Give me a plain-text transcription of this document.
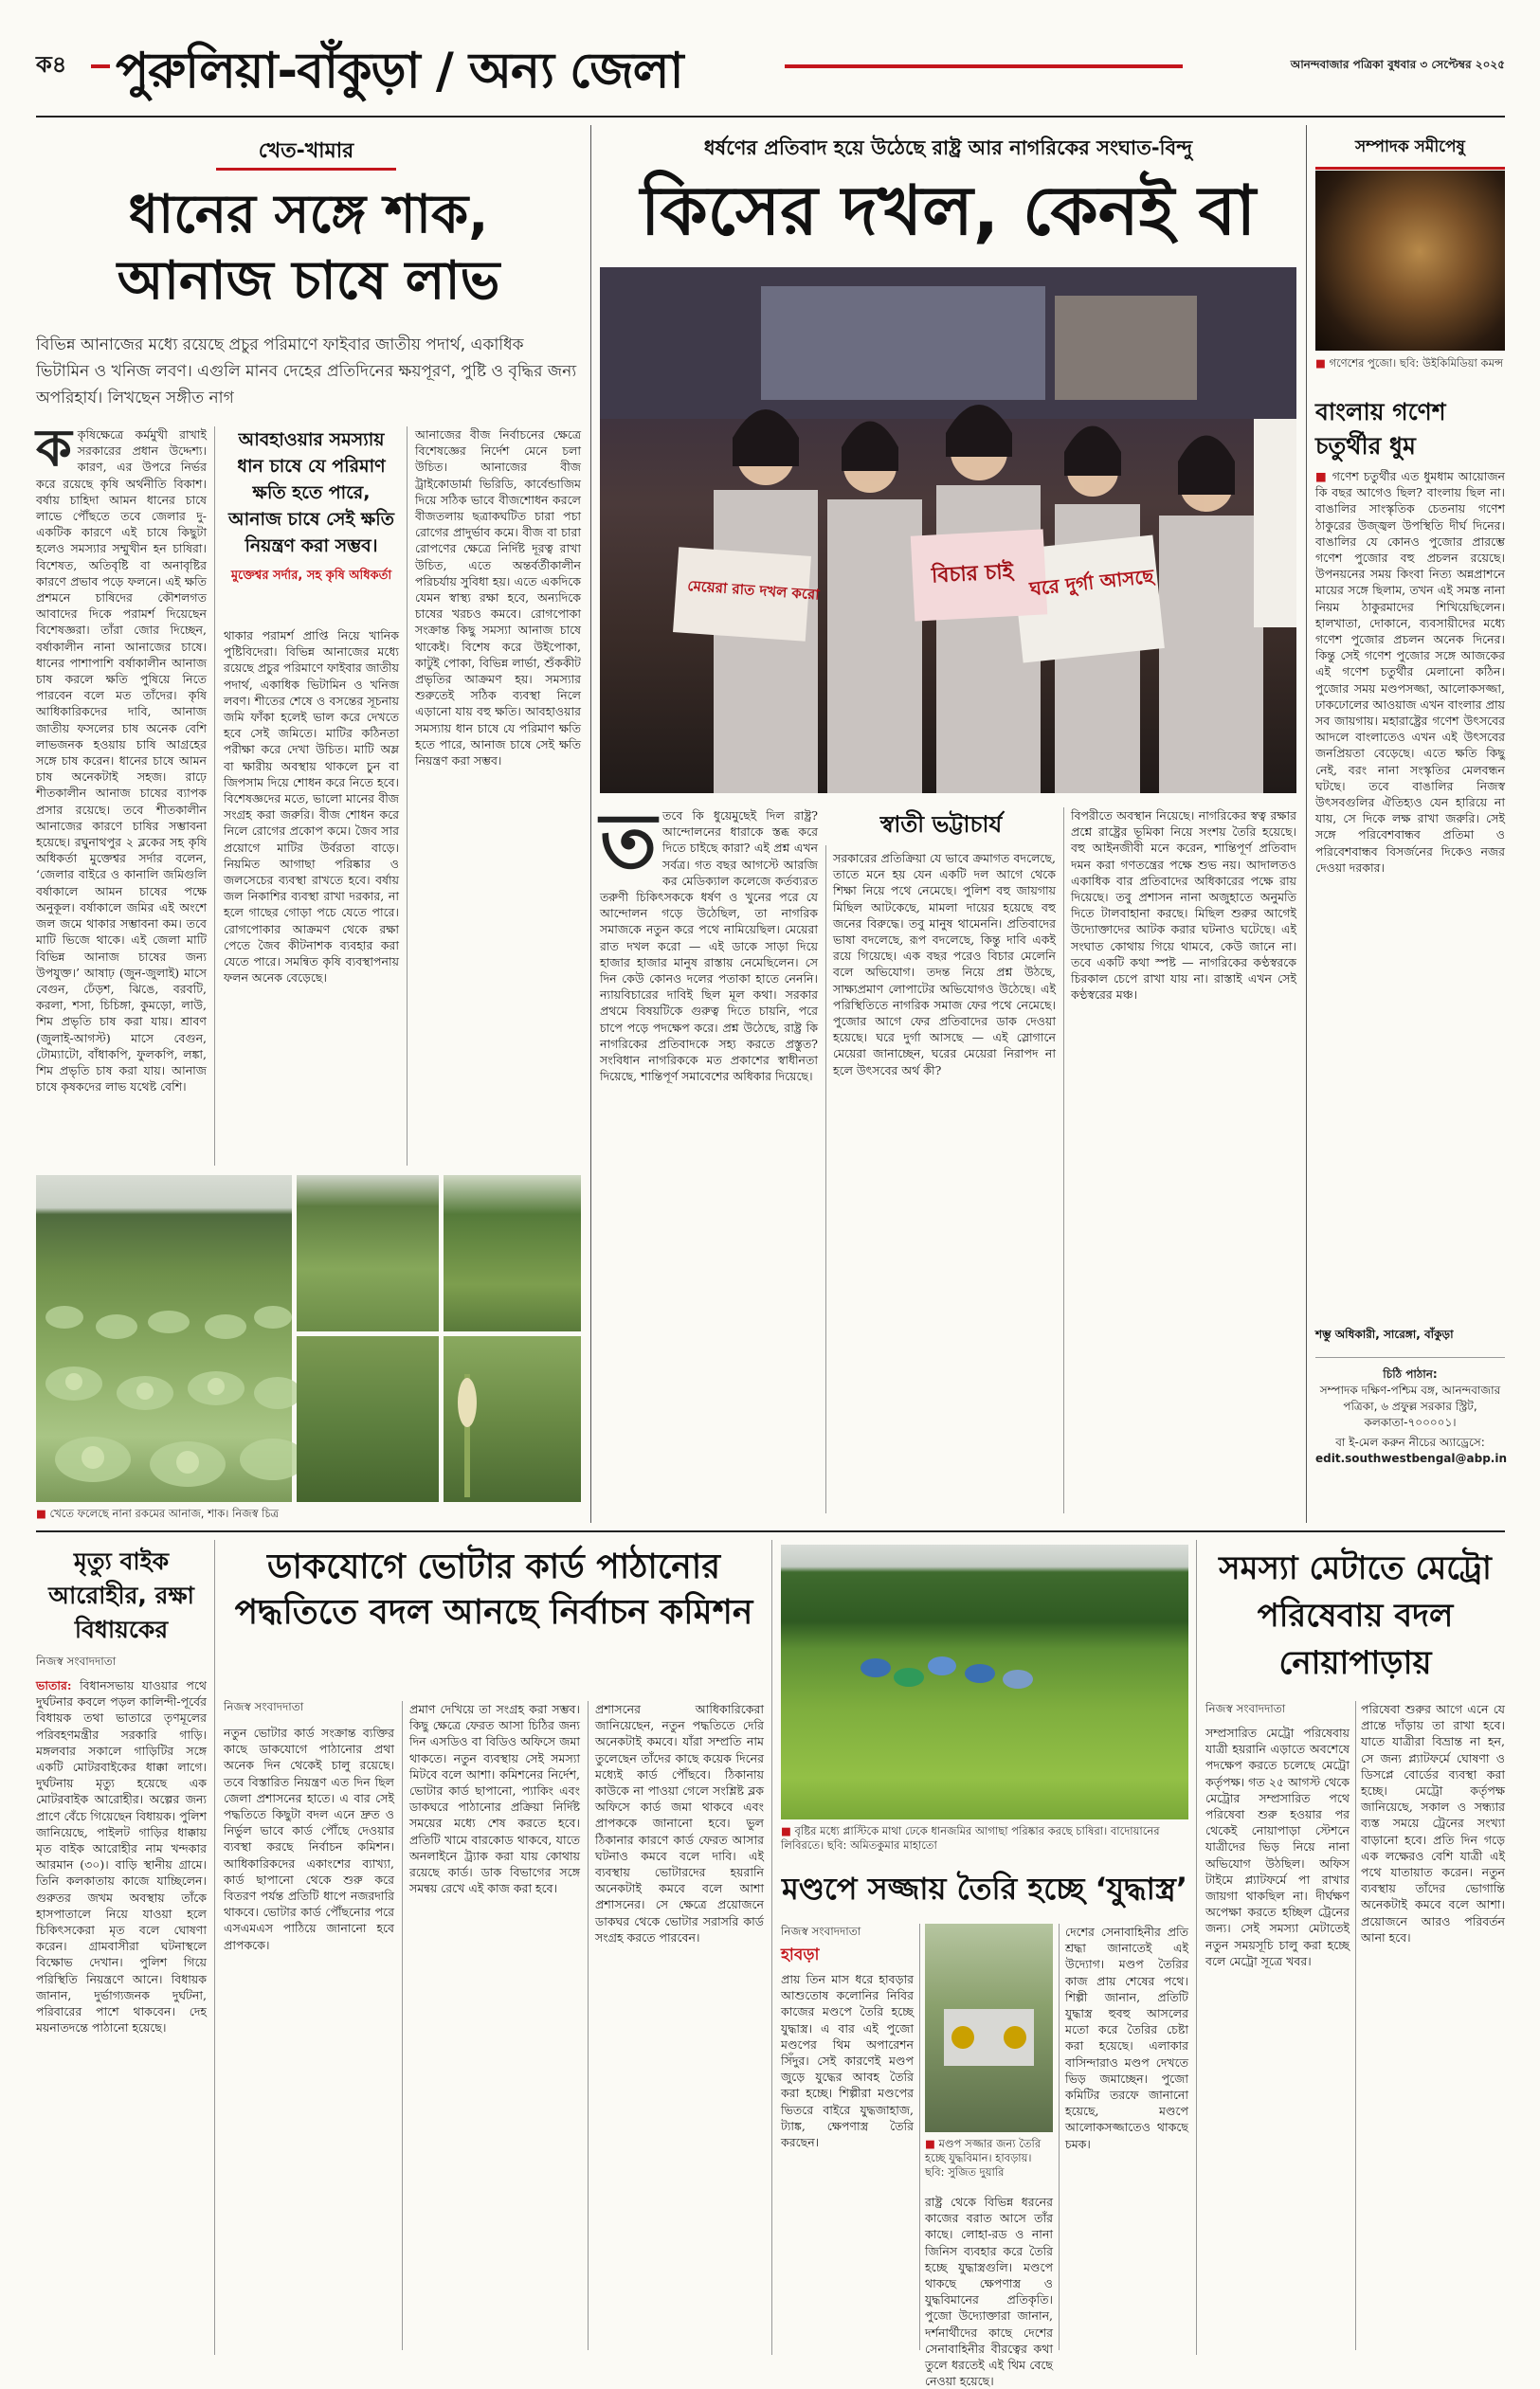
ক৪ পুরুলিয়া-বাঁকুড়া / অন্য জেলা	আনন্দবাজার পত্রিকা বুধবার ৩ সেপ্টেম্বর ২০২৫
খেত-খামার
ধানের সঙ্গে শাক,
আনাজ চাষে লাভ
বিভিন্ন আনাজের মধ্যে রয়েছে প্রচুর পরিমাণে ফাইবার জাতীয় পদার্থ, একাধিক ভিটামিন ও খনিজ লবণ। এগুলি মানব দেহের প্রতিদিনের ক্ষয়পূরণ, পুষ্টি ও বৃদ্ধির জন্য অপরিহার্য। লিখছেন সঙ্গীত নাগ
ককৃষিক্ষেত্রে কর্মমুখী রাখাই সরকারের প্রধান উদ্দেশ্য। কারণ, এর উপরে নির্ভর করে রয়েছে কৃষি অর্থনীতি বিকাশ। বর্ষায় চাহিদা আমন ধানের চাষে লাভে পৌঁছতে তবে জেলার দু-একটিক কারণে এই চাষে কিছুটা হলেও সমস্যার সম্মুখীন হন চাষিরা। বিশেষত, অতিবৃষ্টি বা অনাবৃষ্টির কারণে প্রভাব পড়ে ফলনে। এই ক্ষতি প্রশমনে চাষিদের কৌশলগত আবাদের দিকে পরামর্শ দিয়েছেন বিশেষজ্ঞরা। তাঁরা জোর দিচ্ছেন, বর্ষাকালীন নানা আনাজের চাষে। ধানের পাশাপাশি বর্ষাকালীন আনাজ চাষ করলে ক্ষতি পুষিয়ে নিতে পারবেন বলে মত তাঁদের। কৃষি আধিকারিকদের দাবি, আনাজ জাতীয় ফসলের চাষ অনেক বেশি লাভজনক হওয়ায় চাষি আগ্রহের সঙ্গে চাষ করেন। ধানের চাষে আমন চাষ অনেকটাই সহজ। রাঢ়ে শীতকালীন আনাজ চাষের ব্যাপক প্রসার রয়েছে। তবে শীতকালীন আনাজের কারণে চাষির সম্ভাবনা হয়েছে। রঘুনাথপুর ২ ব্লকের সহ কৃষি অধিকর্তা মুক্তেশ্বর সর্দার বলেন, ‘জেলার বাইরে ও কানালি জমিগুলি বর্ষাকালে আমন চাষের পক্ষে অনুকূল। বর্ষাকালে জমির এই অংশে জল জমে থাকার সম্ভাবনা কম। তবে মাটি ভিজে থাকে। এই জেলা মাটি বিভিন্ন আনাজ চাষের জন্য উপযুক্ত।’ আষাঢ় (জুন-জুলাই) মাসে বেগুন, ঢেঁড়শ, ঝিঙে, বরবটি, করলা, শসা, চিচিঙ্গা, কুমড়ো, লাউ, শিম প্রভৃতি চাষ করা যায়। শ্রাবণ (জুলাই-আগস্ট) মাসে বেগুন, টোম্যাটো, বাঁধাকপি, ফুলকপি, লঙ্কা, শিম প্রভৃতি চাষ করা যায়। আনাজ চাষে কৃষকদের লাভ যথেষ্ট বেশি।
আবহাওয়ার সমস্যায় ধান চাষে যে পরিমাণ ক্ষতি হতে পারে, আনাজ চাষে সেই ক্ষতি নিয়ন্ত্রণ করা সম্ভব।
মুক্তেশ্বর সর্দার, সহ কৃষি অধিকর্তা
থাকার পরামর্শ প্রাপ্তি নিয়ে খানিক পুষ্টিবিদেরা। বিভিন্ন আনাজের মধ্যে রয়েছে প্রচুর পরিমাণে ফাইবার জাতীয় পদার্থ, একাধিক ভিটামিন ও খনিজ লবণ। শীতের শেষে ও বসন্তের সূচনায় জমি ফাঁকা হলেই ভাল করে দেখতে হবে সেই জমিতে। মাটির কঠিনতা পরীক্ষা করে দেখা উচিত। মাটি অম্ল বা ক্ষারীয় অবস্থায় থাকলে চুন বা জিপসাম দিয়ে শোধন করে নিতে হবে। বিশেষজ্ঞদের মতে, ভালো মানের বীজ সংগ্রহ করা জরুরি। বীজ শোধন করে নিলে রোগের প্রকোপ কমে। জৈব সার প্রয়োগে মাটির উর্বরতা বাড়ে। নিয়মিত আগাছা পরিষ্কার ও জলসেচের ব্যবস্থা রাখতে হবে। বর্ষায় জল নিকাশির ব্যবস্থা রাখা দরকার, না হলে গাছের গোড়া পচে যেতে পারে। রোগপোকার আক্রমণ থেকে রক্ষা পেতে জৈব কীটনাশক ব্যবহার করা যেতে পারে। সমন্বিত কৃষি ব্যবস্থাপনায় ফলন অনেক বেড়েছে।
আনাজের বীজ নির্বাচনের ক্ষেত্রে বিশেষজ্ঞের নির্দেশ মেনে চলা উচিত। আনাজের বীজ ট্রাইকোডার্মা ভিরিডি, কার্বেন্ডাজিম দিয়ে সঠিক ভাবে বীজশোধন করলে বীজতলায় ছত্রাকঘটিত চারা পচা রোগের প্রাদুর্ভাব কমে। বীজ বা চারা রোপণের ক্ষেত্রে নির্দিষ্ট দূরত্ব রাখা উচিত, এতে অন্তর্বর্তীকালীন পরিচর্যায় সুবিধা হয়। এতে একদিকে যেমন স্বাস্থ্য রক্ষা হবে, অন্যদিকে চাষের খরচও কমবে। রোগপোকা সংক্রান্ত কিছু সমস্যা আনাজ চাষে থাকেই। বিশেষ করে উইপোকা, কাটুই পোকা, বিভিন্ন লার্ভা, শুঁককীট প্রভৃতির আক্রমণ হয়। সমস্যার শুরুতেই সঠিক ব্যবস্থা নিলে এড়ানো যায় বহু ক্ষতি। আবহাওয়ার সমস্যায় ধান চাষে যে পরিমাণ ক্ষতি হতে পারে, আনাজ চাষে সেই ক্ষতি নিয়ন্ত্রণ করা সম্ভব।
■ খেতে ফলেছে নানা রকমের আনাজ, শাক। নিজস্ব চিত্র
ধর্ষণের প্রতিবাদ হয়ে উঠেছে রাষ্ট্র আর নাগরিকের সংঘাত-বিন্দু
কিসের দখল, কেনই বা
ঘরে দুর্গা আসছে
মেয়েরা রাত দখল করো
বিচার চাই
স্বাতী ভট্টাচার্য
ততবে কি ধুয়েমুছেই দিল রাষ্ট্র? আন্দোলনের ধারাকে স্তব্ধ করে দিতে চাইছে কারা? এই প্রশ্ন এখন সর্বত্র। গত বছর আগস্টে আরজি কর মেডিক্যাল কলেজে কর্তব্যরত তরুণী চিকিৎসককে ধর্ষণ ও খুনের পরে যে আন্দোলন গড়ে উঠেছিল, তা নাগরিক সমাজকে নতুন করে পথে নামিয়েছিল। মেয়েরা রাত দখল করো — এই ডাকে সাড়া দিয়ে হাজার হাজার মানুষ রাস্তায় নেমেছিলেন। সে দিন কেউ কোনও দলের পতাকা হাতে নেননি। ন্যায়বিচারের দাবিই ছিল মূল কথা। সরকার প্রথমে বিষয়টিকে গুরুত্ব দিতে চায়নি, পরে চাপে পড়ে পদক্ষেপ করে। প্রশ্ন উঠেছে, রাষ্ট্র কি নাগরিকের প্রতিবাদকে সহ্য করতে প্রস্তুত? সংবিধান নাগরিককে মত প্রকাশের স্বাধীনতা দিয়েছে, শান্তিপূর্ণ সমাবেশের অধিকার দিয়েছে।
সরকারের প্রতিক্রিয়া যে ভাবে ক্রমাগত বদলেছে, তাতে মনে হয় যেন একটি দল আগে থেকে শিক্ষা নিয়ে পথে নেমেছে। পুলিশ বহু জায়গায় মিছিল আটকেছে, মামলা দায়ের হয়েছে বহু জনের বিরুদ্ধে। তবু মানুষ থামেননি। প্রতিবাদের ভাষা বদলেছে, রূপ বদলেছে, কিন্তু দাবি একই রয়ে গিয়েছে। এক বছর পরেও বিচার মেলেনি বলে অভিযোগ। তদন্ত নিয়ে প্রশ্ন উঠছে, সাক্ষ্যপ্রমাণ লোপাটের অভিযোগও উঠেছে। এই পরিস্থিতিতে নাগরিক সমাজ ফের পথে নেমেছে। পুজোর আগে ফের প্রতিবাদের ডাক দেওয়া হয়েছে। ঘরে দুর্গা আসছে — এই স্লোগানে মেয়েরা জানাচ্ছেন, ঘরের মেয়েরা নিরাপদ না হলে উৎসবের অর্থ কী?
বিপরীতে অবস্থান নিয়েছে। নাগরিকের স্বত্ব রক্ষার প্রশ্নে রাষ্ট্রের ভূমিকা নিয়ে সংশয় তৈরি হয়েছে। বহু আইনজীবী মনে করেন, শান্তিপূর্ণ প্রতিবাদ দমন করা গণতন্ত্রের পক্ষে শুভ নয়। আদালতও একাধিক বার প্রতিবাদের অধিকারের পক্ষে রায় দিয়েছে। তবু প্রশাসন নানা অজুহাতে অনুমতি দিতে টালবাহানা করছে। মিছিল শুরুর আগেই উদ্যোক্তাদের আটক করার ঘটনাও ঘটেছে। এই সংঘাত কোথায় গিয়ে থামবে, কেউ জানে না। তবে একটি কথা স্পষ্ট — নাগরিকের কণ্ঠস্বরকে চিরকাল চেপে রাখা যায় না। রাস্তাই এখন সেই কণ্ঠস্বরের মঞ্চ।
সম্পাদক সমীপেষু
■ গণেশের পুজো। ছবি: উইকিমিডিয়া কমন্স
বাংলায় গণেশ চতুর্থীর ধুম
■ গণেশ চতুর্থীর এত ধুমধাম আয়োজন কি বছর আগেও ছিল? বাংলায় ছিল না। বাঙালির সাংস্কৃতিক চেতনায় গণেশ ঠাকুরের উজ্জ্বল উপস্থিতি দীর্ঘ দিনের। বাঙালির যে কোনও পুজোর প্রারম্ভে গণেশ পুজোর বহু প্রচলন রয়েছে। উপনয়নের সময় কিংবা নিত্য অন্নপ্রাশনে মায়ের সঙ্গে ছিলাম, তখন এই সমস্ত নানা নিয়ম ঠাকুরমাদের শিখিয়েছিলেন। হালখাতা, দোকানে, ব্যবসায়ীদের মধ্যে গণেশ পুজোর প্রচলন অনেক দিনের। কিন্তু সেই গণেশ পুজোর সঙ্গে আজকের এই গণেশ চতুর্থীর মেলানো কঠিন। পুজোর সময় মণ্ডপসজ্জা, আলোকসজ্জা, ঢাকঢোলের আওয়াজ এখন বাংলার প্রায় সব জায়গায়। মহারাষ্ট্রের গণেশ উৎসবের আদলে বাংলাতেও এখন এই উৎসবের জনপ্রিয়তা বেড়েছে। এতে ক্ষতি কিছু নেই, বরং নানা সংস্কৃতির মেলবন্ধন ঘটছে। তবে বাঙালির নিজস্ব উৎসবগুলির ঐতিহ্যও যেন হারিয়ে না যায়, সে দিকে লক্ষ রাখা জরুরি। সেই সঙ্গে পরিবেশবান্ধব প্রতিমা ও পরিবেশবান্ধব বিসর্জনের দিকেও নজর দেওয়া দরকার।
শম্ভু অধিকারী, সারেঙ্গা, বাঁকুড়া
চিঠি পাঠান:
সম্পাদক দক্ষিণ-পশ্চিম বঙ্গ, আনন্দবাজার পত্রিকা, ৬ প্রফুল্ল সরকার স্ট্রিট, কলকাতা-৭০০০০১।
বা ই-মেল করুন নীচের অ্যাড্রেসে:
edit.southwestbengal@abp.in
মৃত্যু বাইক আরোহীর, রক্ষা বিধায়কের
নিজস্ব সংবাদদাতা
ভাতার: বিধানসভায় যাওয়ার পথে দুর্ঘটনার কবলে পড়ল কালিন্দী-পূর্বের বিধায়ক তথা ভাতারে তৃণমূলের পরিবহণমন্ত্রীর সরকারি গাড়ি। মঙ্গলবার সকালে গাড়িটির সঙ্গে একটি মোটরবাইকের ধাক্কা লাগে। দুর্ঘটনায় মৃত্যু হয়েছে এক মোটরবাইক আরোহীর। অল্পের জন্য প্রাণে বেঁচে গিয়েছেন বিধায়ক। পুলিশ জানিয়েছে, পাইলট গাড়ির ধাক্কায় মৃত বাইক আরোহীর নাম খন্দকার আরমান (৩০)। বাড়ি স্থানীয় গ্রামে। তিনি কলকাতায় কাজে যাচ্ছিলেন। গুরুতর জখম অবস্থায় তাঁকে হাসপাতালে নিয়ে যাওয়া হলে চিকিৎসকেরা মৃত বলে ঘোষণা করেন। গ্রামবাসীরা ঘটনাস্থলে বিক্ষোভ দেখান। পুলিশ গিয়ে পরিস্থিতি নিয়ন্ত্রণে আনে। বিধায়ক জানান, দুর্ভাগ্যজনক দুর্ঘটনা, পরিবারের পাশে থাকবেন। দেহ ময়নাতদন্তে পাঠানো হয়েছে।
ডাকযোগে ভোটার কার্ড পাঠানোর পদ্ধতিতে বদল আনছে নির্বাচন কমিশন
নিজস্ব সংবাদদাতা
নতুন ভোটার কার্ড সংক্রান্ত ব্যক্তির কাছে ডাকযোগে পাঠানোর প্রথা অনেক দিন থেকেই চালু রয়েছে। তবে বিস্তারিত নিয়ন্ত্রণ এত দিন ছিল জেলা প্রশাসনের হাতে। এ বার সেই পদ্ধতিতে কিছুটা বদল এনে দ্রুত ও নির্ভুল ভাবে কার্ড পৌঁছে দেওয়ার ব্যবস্থা করছে নির্বাচন কমিশন। আধিকারিকদের একাংশের ব্যাখ্যা, কার্ড ছাপানো থেকে শুরু করে বিতরণ পর্যন্ত প্রতিটি ধাপে নজরদারি থাকবে। ভোটার কার্ড পৌঁছনোর পরে এসএমএস পাঠিয়ে জানানো হবে প্রাপককে।
প্রমাণ দেখিয়ে তা সংগ্রহ করা সম্ভব। কিছু ক্ষেত্রে ফেরত আসা চিঠির জন্য দিন এসডিও বা বিডিও অফিসে জমা থাকতে। নতুন ব্যবস্থায় সেই সমস্যা মিটবে বলে আশা। কমিশনের নির্দেশ, ভোটার কার্ড ছাপানো, প্যাকিং এবং ডাকঘরে পাঠানোর প্রক্রিয়া নির্দিষ্ট সময়ের মধ্যে শেষ করতে হবে। প্রতিটি খামে বারকোড থাকবে, যাতে অনলাইনে ট্র্যাক করা যায় কোথায় রয়েছে কার্ড। ডাক বিভাগের সঙ্গে সমন্বয় রেখে এই কাজ করা হবে।
প্রশাসনের আধিকারিকেরা জানিয়েছেন, নতুন পদ্ধতিতে দেরি অনেকটাই কমবে। যাঁরা সম্প্রতি নাম তুলেছেন তাঁদের কাছে কয়েক দিনের মধ্যেই কার্ড পৌঁছবে। ঠিকানায় কাউকে না পাওয়া গেলে সংশ্লিষ্ট ব্লক অফিসে কার্ড জমা থাকবে এবং প্রাপককে জানানো হবে। ভুল ঠিকানার কারণে কার্ড ফেরত আসার ঘটনাও কমবে বলে দাবি। এই ব্যবস্থায় ভোটারদের হয়রানি অনেকটাই কমবে বলে আশা প্রশাসনের। সে ক্ষেত্রে প্রয়োজনে ডাকঘর থেকে ভোটার সরাসরি কার্ড সংগ্রহ করতে পারবেন।
■ বৃষ্টির মধ্যে প্লাস্টিকে মাথা ঢেকে ধানজমির আগাছা পরিষ্কার করছে চাষিরা। বাদোয়ানের লিবিরতে। ছবি: অমিতকুমার মাহাতো
মণ্ডপে সজ্জায় তৈরি হচ্ছে ‘যুদ্ধাস্ত্র’
নিজস্ব সংবাদদাতা
হাবড়া
প্রায় তিন মাস ধরে হাবড়ার আশুতোষ কলোনির নিবির কাজের মণ্ডপে তৈরি হচ্ছে যুদ্ধাস্ত্র। এ বার এই পুজো মণ্ডপের থিম অপারেশন সিঁদুর। সেই কারণেই মণ্ডপ জুড়ে যুদ্ধের আবহ তৈরি করা হচ্ছে। শিল্পীরা মণ্ডপের ভিতরে বাইরে যুদ্ধজাহাজ, ট্যাঙ্ক, ক্ষেপণাস্ত্র তৈরি করছেন।	■ মণ্ডপ সজ্জার জন্য তৈরি হচ্ছে যুদ্ধবিমান। হাবড়ায়। ছবি: সুজিত দুয়ারি
রাষ্ট্র থেকে বিভিন্ন ধরনের কাজের বরাত আসে তাঁর কাছে। লোহা-রড ও নানা জিনিস ব্যবহার করে তৈরি হচ্ছে যুদ্ধাস্ত্রগুলি। মণ্ডপে থাকছে ক্ষেপণাস্ত্র ও যুদ্ধবিমানের প্রতিকৃতি। পুজো উদ্যোক্তারা জানান, দর্শনার্থীদের কাছে দেশের সেনাবাহিনীর বীরত্বের কথা তুলে ধরতেই এই থিম বেছে নেওয়া হয়েছে।
দেশের সেনাবাহিনীর প্রতি শ্রদ্ধা জানাতেই এই উদ্যোগ। মণ্ডপ তৈরির কাজ প্রায় শেষের পথে। শিল্পী জানান, প্রতিটি যুদ্ধাস্ত্র হুবহু আসলের মতো করে তৈরির চেষ্টা করা হয়েছে। এলাকার বাসিন্দারাও মণ্ডপ দেখতে ভিড় জমাচ্ছেন। পুজো কমিটির তরফে জানানো হয়েছে, মণ্ডপে আলোকসজ্জাতেও থাকছে চমক।
সমস্যা মেটাতে মেট্রো পরিষেবায় বদল নোয়াপাড়ায়
নিজস্ব সংবাদদাতা
সম্প্রসারিত মেট্রো পরিষেবায় যাত্রী হয়রানি এড়াতে অবশেষে পদক্ষেপ করতে চলেছে মেট্রো কর্তৃপক্ষ। গত ২৫ আগস্ট থেকে মেট্রোর সম্প্রসারিত পথে পরিষেবা শুরু হওয়ার পর থেকেই নোয়াপাড়া স্টেশনে যাত্রীদের ভিড় নিয়ে নানা অভিযোগ উঠছিল। অফিস টাইমে প্ল্যাটফর্মে পা রাখার জায়গা থাকছিল না। দীর্ঘক্ষণ অপেক্ষা করতে হচ্ছিল ট্রেনের জন্য। সেই সমস্যা মেটাতেই নতুন সময়সূচি চালু করা হচ্ছে বলে মেট্রো সূত্রে খবর।
পরিষেবা শুরুর আগে এনে যে প্রান্তে দাঁড়ায় তা রাখা হবে। যাতে যাত্রীরা বিভ্রান্ত না হন, সে জন্য প্ল্যাটফর্মে ঘোষণা ও ডিসপ্লে বোর্ডের ব্যবস্থা করা হচ্ছে। মেট্রো কর্তৃপক্ষ জানিয়েছে, সকাল ও সন্ধ্যার ব্যস্ত সময়ে ট্রেনের সংখ্যা বাড়ানো হবে। প্রতি দিন গড়ে এক লক্ষেরও বেশি যাত্রী এই পথে যাতায়াত করেন। নতুন ব্যবস্থায় তাঁদের ভোগান্তি অনেকটাই কমবে বলে আশা। প্রয়োজনে আরও পরিবর্তন আনা হবে।
